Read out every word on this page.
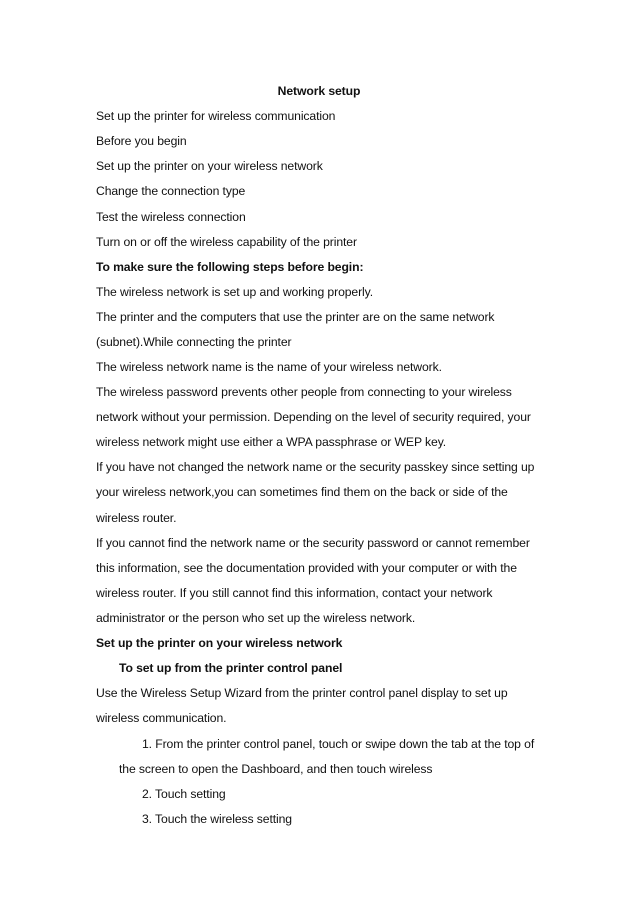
Network setup
Set up the printer for wireless communication
Before you begin
Set up the printer on your wireless network
Change the connection type
Test the wireless connection
Turn on or off the wireless capability of the printer
To make sure the following steps before begin:
The wireless network is set up and working properly.
The printer and the computers that use the printer are on the same network
(subnet).While connecting the printer
The wireless network name is the name of your wireless network.
The wireless password prevents other people from connecting to your wireless
network without your permission. Depending on the level of security required, your
wireless network might use either a WPA passphrase or WEP key.
If you have not changed the network name or the security passkey since setting up
your wireless network,you can sometimes find them on the back or side of the
wireless router.
If you cannot find the network name or the security password or cannot remember
this information, see the documentation provided with your computer or with the
wireless router. If you still cannot find this information, contact your network
administrator or the person who set up the wireless network.
Set up the printer on your wireless network
To set up from the printer control panel
Use the Wireless Setup Wizard from the printer control panel display to set up
wireless communication.
1. From the printer control panel, touch or swipe down the tab at the top of
the screen to open the Dashboard, and then touch wireless
2. Touch setting
3. Touch the wireless setting
